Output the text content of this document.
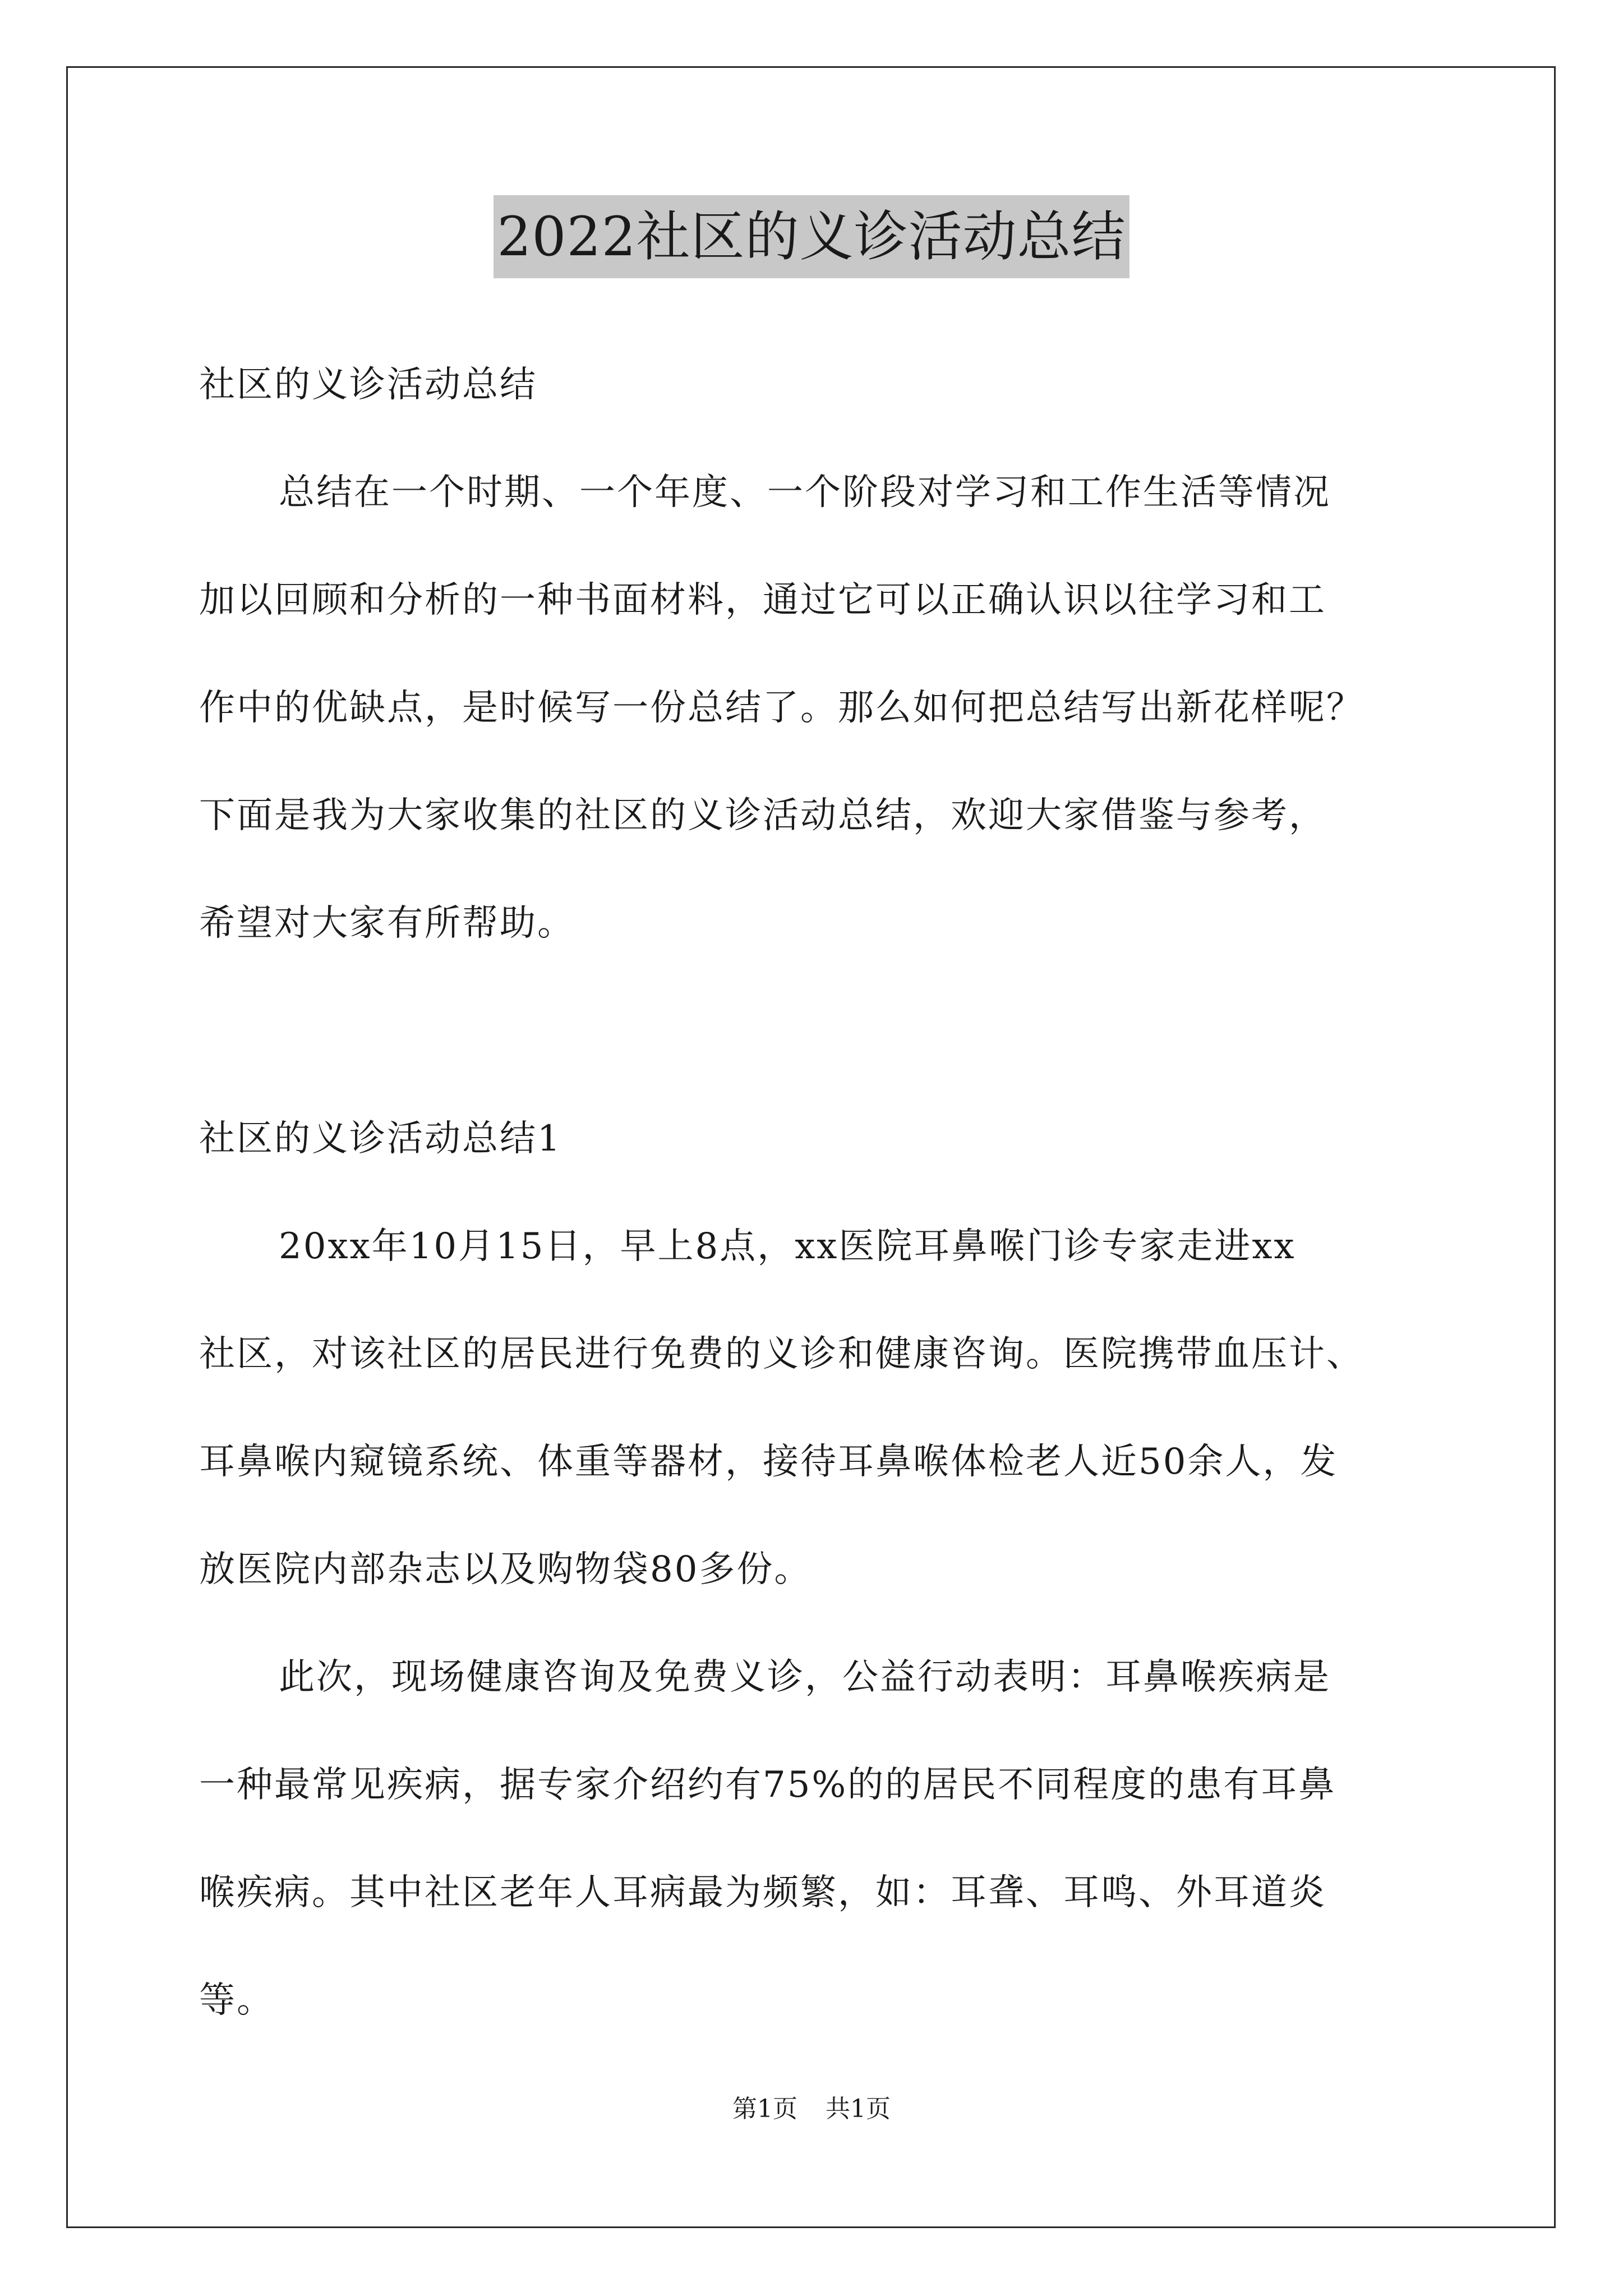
2022社区的义诊活动总结
社区的义诊活动总结
总结在一个时期、一个年度、一个阶段对学习和工作生活等情况
加以回顾和分析的一种书面材料，通过它可以正确认识以往学习和工
作中的优缺点，是时候写一份总结了。那么如何把总结写出新花样呢？
下面是我为大家收集的社区的义诊活动总结，欢迎大家借鉴与参考，
希望对大家有所帮助。
社区的义诊活动总结1
20xx年10月15日，早上8点，xx医院耳鼻喉门诊专家走进xx
社区，对该社区的居民进行免费的义诊和健康咨询。医院携带血压计、
耳鼻喉内窥镜系统、体重等器材，接待耳鼻喉体检老人近50余人，发
放医院内部杂志以及购物袋80多份。
此次，现场健康咨询及免费义诊，公益行动表明：耳鼻喉疾病是
一种最常见疾病，据专家介绍约有75%的的居民不同程度的患有耳鼻
喉疾病。其中社区老年人耳病最为频繁，如：耳聋、耳鸣、外耳道炎
等。
第1页 共1页
